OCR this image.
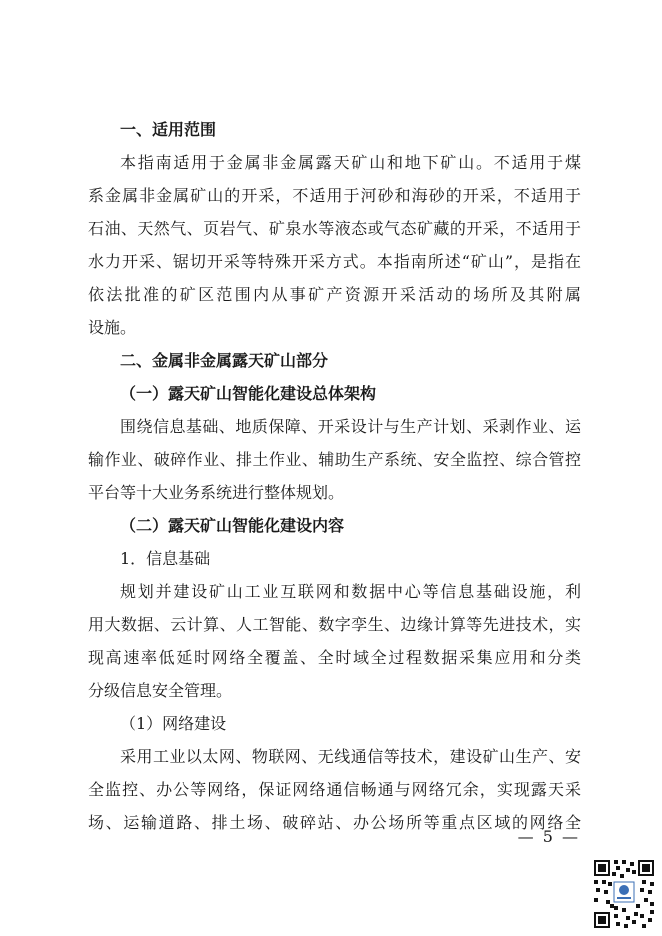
一、适用范围
本指南适用于金属非金属露天矿山和地下矿山。不适用于煤
系金属非金属矿山的开采，不适用于河砂和海砂的开采，不适用于
石油、天然气、页岩气、矿泉水等液态或气态矿藏的开采，不适用于
水力开采、锯切开采等特殊开采方式。本指南所述“矿山”，是指在
依法批准的矿区范围内从事矿产资源开采活动的场所及其附属
设施。
二、金属非金属露天矿山部分
（一）露天矿山智能化建设总体架构
围绕信息基础、地质保障、开采设计与生产计划、采剥作业、运
输作业、破碎作业、排土作业、辅助生产系统、安全监控、综合管控
平台等十大业务系统进行整体规划。
（二）露天矿山智能化建设内容
1．信息基础
规划并建设矿山工业互联网和数据中心等信息基础设施，利
用大数据、云计算、人工智能、数字孪生、边缘计算等先进技术，实
现高速率低延时网络全覆盖、全时域全过程数据采集应用和分类
分级信息安全管理。
（1）网络建设
采用工业以太网、物联网、无线通信等技术，建设矿山生产、安
全监控、办公等网络，保证网络通信畅通与网络冗余，实现露天采
场、运输道路、排土场、破碎站、办公场所等重点区域的网络全
— 5 —
